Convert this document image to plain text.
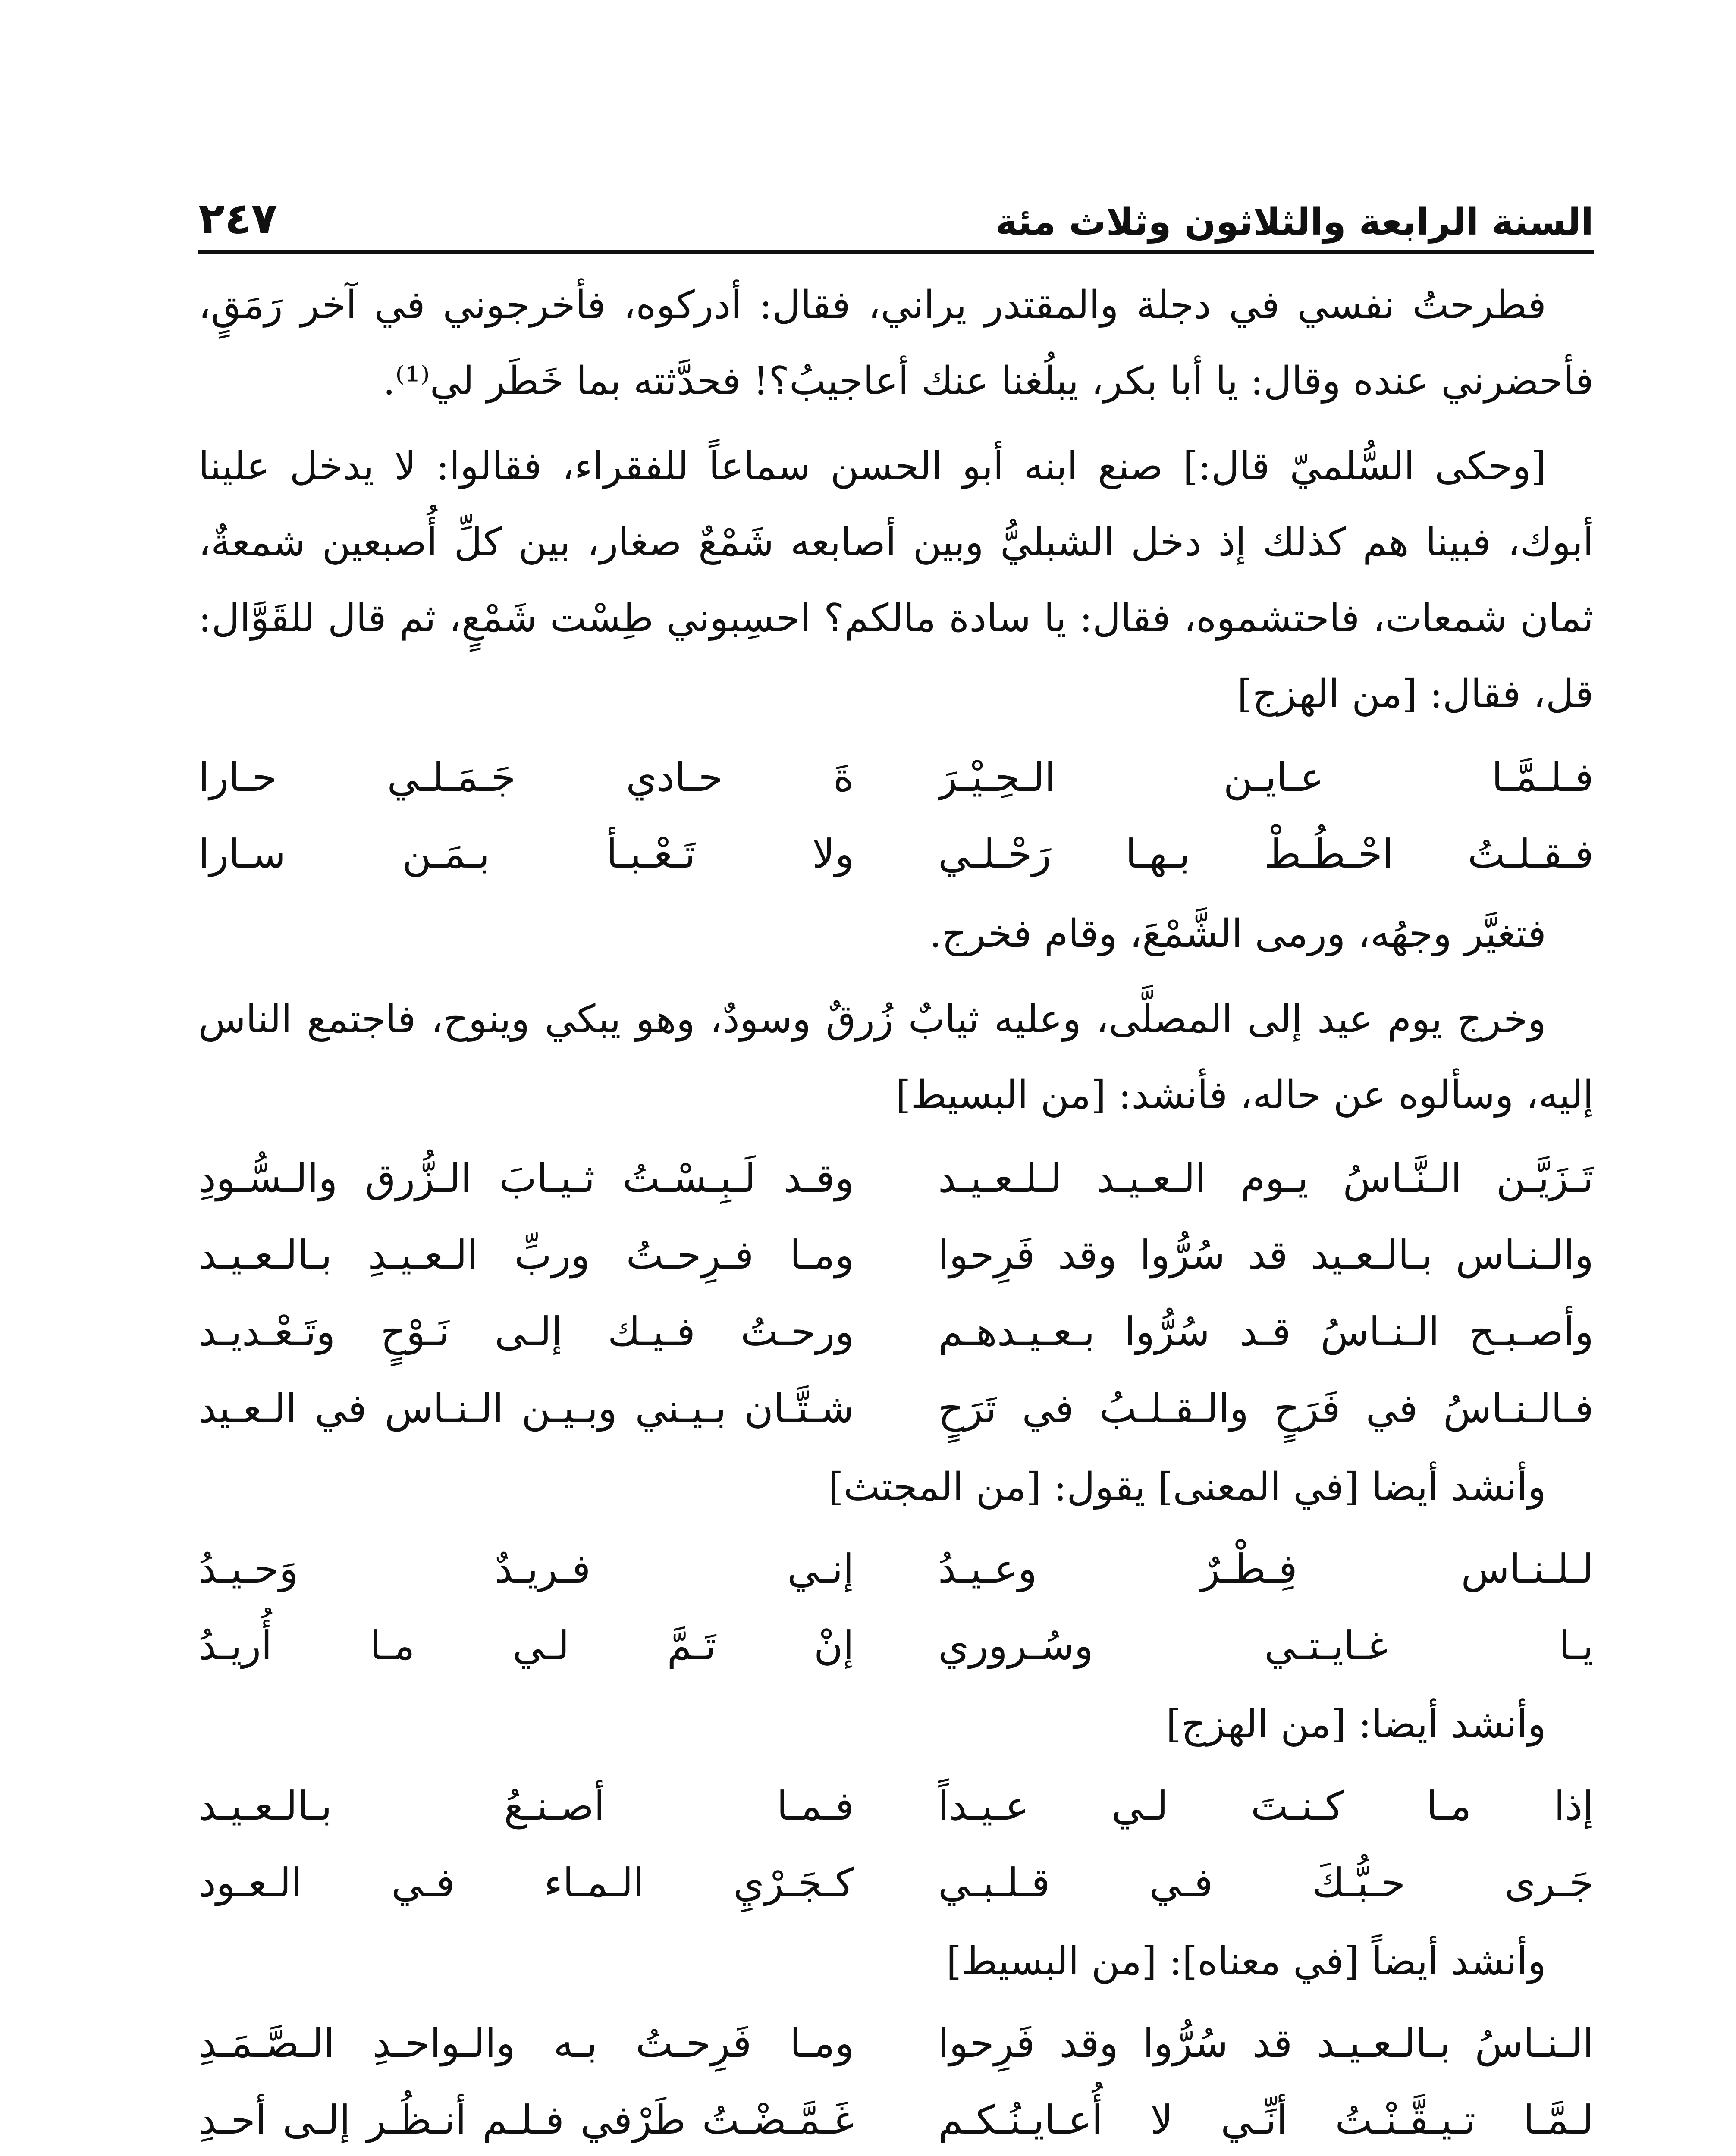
السنة الرابعة والثلاثون وثلاث مئة
٢٤٧

فطرحتُ نفسي في دجلة والمقتدر يراني، فقال: أدركوه، فأخرجوني في آخر رَمَقٍ، فأحضرني عنده وقال: يا أبا بكر، يبلُغنا عنك أعاجيبُ؟! فحدَّثته بما خَطَر لي⁽¹⁾.

[وحكى السُّلميّ قال:] صنع ابنه أبو الحسن سماعاً للفقراء، فقالوا: لا يدخل علينا أبوك، فبينا هم كذلك إذ دخل الشبليُّ وبين أصابعه شَمْعٌ صغار، بين كلِّ أُصبعين شمعةٌ، ثمان شمعات، فاحتشموه، فقال: يا سادة مالكم؟ احسِبوني طِسْت شَمْعٍ، ثم قال للقَوَّال: قل، فقال: [من الهزج]

فـلـمَّـا عـايـن الـحِـيْـرَ
ةَ حـادي جَـمَـلـي حـارا
فـقـلـتُ احْـطُـطْ بـهـا رَحْـلـي
ولا تَـعْـبـأ بـمَـن سـارا

فتغيَّر وجهُه، ورمى الشَّمْعَ، وقام فخرج.

وخرج يوم عيد إلى المصلَّى، وعليه ثيابٌ زُرقٌ وسودٌ، وهو يبكي وينوح، فاجتمع الناس إليه، وسألوه عن حاله، فأنشد: [من البسيط]

تَـزَيَّـن الـنَّـاسُ يـوم الـعـيـد لـلـعـيـد
وقـد لَـبِـسْـتُ ثـيـابَ الـزُّرق والـسُّـودِ
والـنـاس بـالـعـيد قد سُرُّوا وقد فَرِحوا
ومـا فـرِحـتُ وربِّ الـعـيـدِ بـالـعـيـد
وأصـبـح الـنـاسُ قـد سُرُّوا بـعـيـدهـم
ورحـتُ فـيـك إلـى نَـوْحٍ وتَـعْـديـد
فـالـنـاسُ في فَرَحٍ والـقـلـبُ في تَرَحٍ
شـتَّـان بـيـني وبـيـن الـنـاس في الـعـيد

وأنشد أيضا [في المعنى] يقول: [من المجتث]

لـلـنـاس فِـطْـرٌ وعـيـدُ
إنـي فـريـدٌ وَحـيـدُ
يـا غـايـتـي وسُـروري
إنْ تَـمَّ لـي مـا أُريـدُ

وأنشد أيضا: [من الهزج]

إذا مـا كـنـتَ لـي عـيـداً
فـمـا أصـنـعُ بـالـعـيـد
جَـرى حـبُّـكَ فـي قـلـبـي
كـجَـرْيِ الـمـاء فـي الـعـود

وأنشد أيضاً [في معناه]: [من البسيط]

الـنـاسُ بـالـعـيـد قد سُرُّوا وقد فَرِحوا
ومـا فَرِحـتُ بـه والـواحـدِ الـصَّـمَـدِ
لـمَّـا تـيـقَّـنْـتُ أنِّـي لا أُعـايـنُـكـم
غَـمَّـضْـتُ طَرْفي فـلـم أنـظُـر إلـى أحـدِ
